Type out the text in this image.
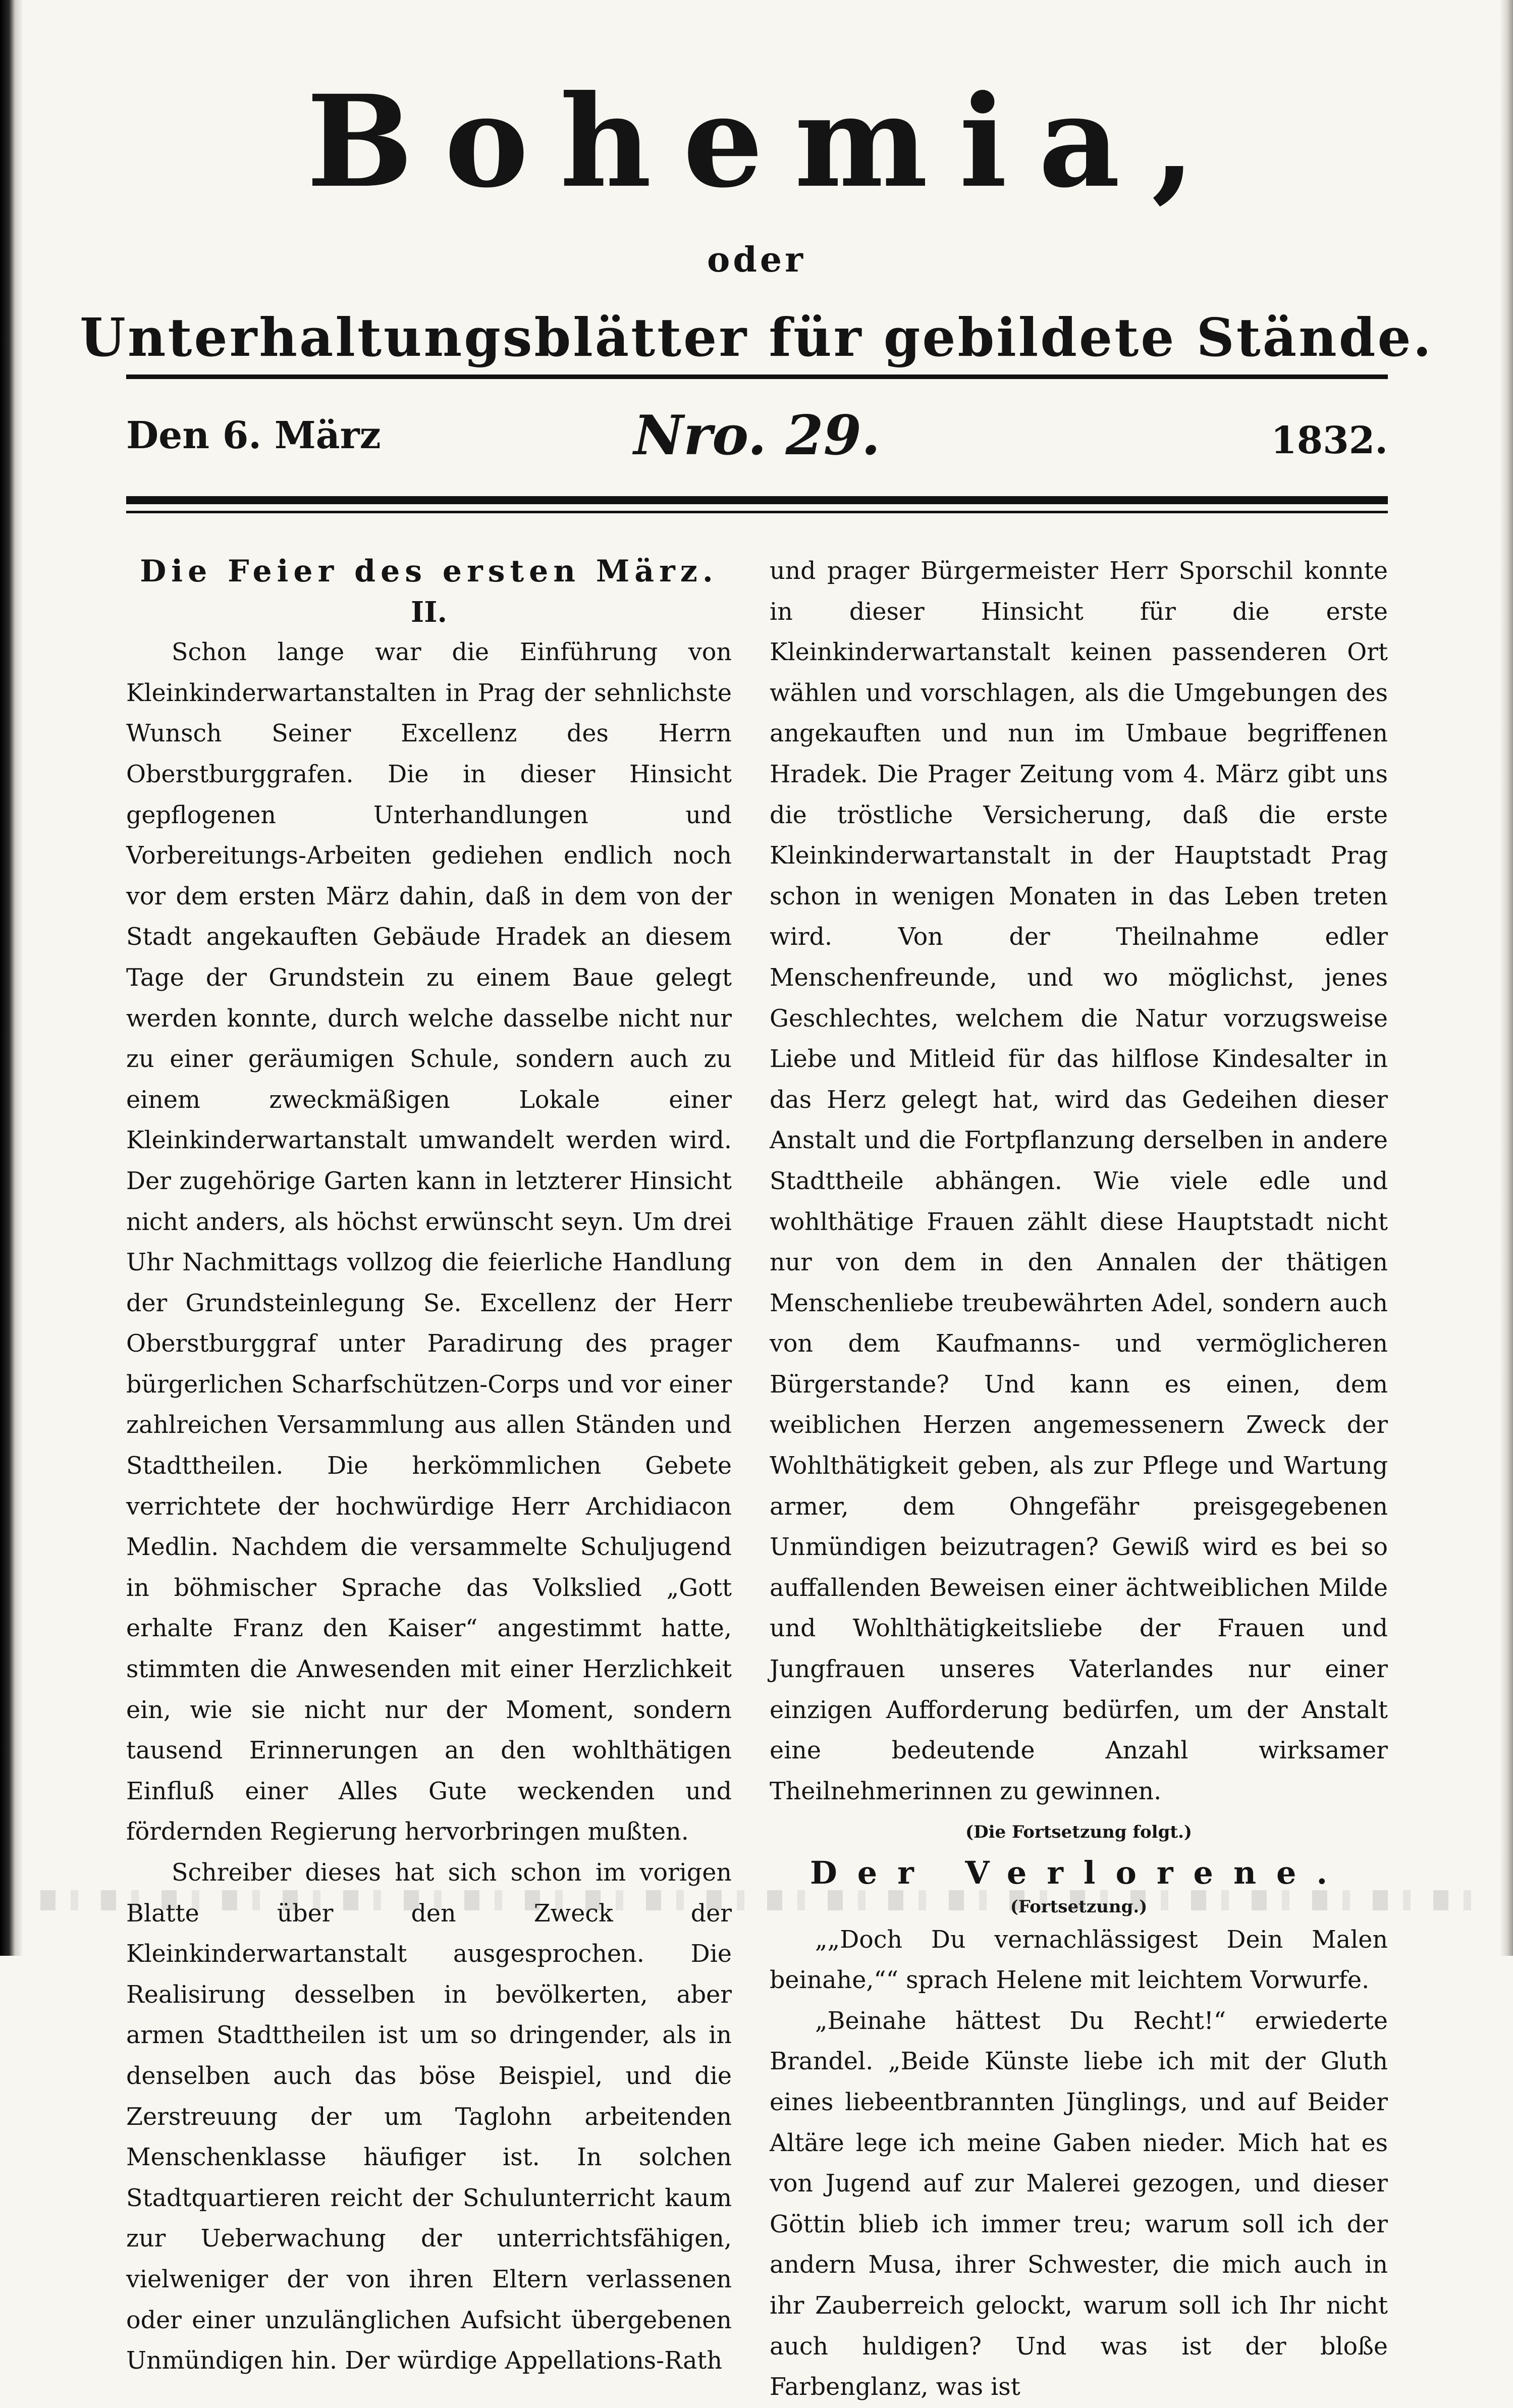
Bohemia,
oder
Unterhaltungsblätter für gebildete Stände.
Den 6. März	Nro. 29.	1832.
Die Feier des ersten März.
II.

Schon lange war die Einführung von Kleinkinderwartanstalten in Prag der sehnlichste Wunsch Seiner Excellenz des Herrn Oberstburggrafen. Die in dieser Hinsicht gepflogenen Unterhandlungen und Vorbereitungs-Arbeiten gediehen endlich noch vor dem ersten März dahin, daß in dem von der Stadt angekauften Gebäude Hradek an diesem Tage der Grundstein zu einem Baue gelegt werden konnte, durch welche dasselbe nicht nur zu einer geräumigen Schule, sondern auch zu einem zweckmäßigen Lokale einer Kleinkinderwartanstalt umwandelt werden wird. Der zugehörige Garten kann in letzterer Hinsicht nicht anders, als höchst erwünscht seyn. Um drei Uhr Nachmittags vollzog die feierliche Handlung der Grundsteinlegung Se. Excellenz der Herr Oberstburggraf unter Paradirung des prager bürgerlichen Scharfschützen-Corps und vor einer zahlreichen Versammlung aus allen Ständen und Stadttheilen. Die herkömmlichen Gebete verrichtete der hochwürdige Herr Archidiacon Medlin. Nachdem die versammelte Schuljugend in böhmischer Sprache das Volkslied „Gott erhalte Franz den Kaiser“ angestimmt hatte, stimmten die Anwesenden mit einer Herzlichkeit ein, wie sie nicht nur der Moment, sondern tausend Erinnerungen an den wohlthätigen Einfluß einer Alles Gute weckenden und fördernden Regierung hervorbringen mußten.

Schreiber dieses hat sich schon im vorigen Blatte über den Zweck der Kleinkinderwartanstalt ausgesprochen. Die Realisirung desselben in bevölkerten, aber armen Stadttheilen ist um so dringender, als in denselben auch das böse Beispiel, und die Zerstreuung der um Taglohn arbeitenden Menschenklasse häufiger ist. In solchen Stadtquartieren reicht der Schulunterricht kaum zur Ueberwachung der unterrichtsfähigen, vielweniger der von ihren Eltern verlassenen oder einer unzulänglichen Aufsicht übergebenen Unmündigen hin. Der würdige Appellations-Rath

und prager Bürgermeister Herr Sporschil konnte in dieser Hinsicht für die erste Kleinkinderwartanstalt keinen passenderen Ort wählen und vorschlagen, als die Umgebungen des angekauften und nun im Umbaue begriffenen Hradek. Die Prager Zeitung vom 4. März gibt uns die tröstliche Versicherung, daß die erste Kleinkinderwartanstalt in der Hauptstadt Prag schon in wenigen Monaten in das Leben treten wird. Von der Theilnahme edler Menschenfreunde, und wo möglichst, jenes Geschlechtes, welchem die Natur vorzugsweise Liebe und Mitleid für das hilflose Kindesalter in das Herz gelegt hat, wird das Gedeihen dieser Anstalt und die Fortpflanzung derselben in andere Stadttheile abhängen. Wie viele edle und wohlthätige Frauen zählt diese Hauptstadt nicht nur von dem in den Annalen der thätigen Menschenliebe treubewährten Adel, sondern auch von dem Kaufmanns- und vermöglicheren Bürgerstande? Und kann es einen, dem weiblichen Herzen angemessenern Zweck der Wohlthätigkeit geben, als zur Pflege und Wartung armer, dem Ohngefähr preisgegebenen Unmündigen beizutragen? Gewiß wird es bei so auffallenden Beweisen einer ächtweiblichen Milde und Wohlthätigkeitsliebe der Frauen und Jungfrauen unseres Vaterlandes nur einer einzigen Aufforderung bedürfen, um der Anstalt eine bedeutende Anzahl wirksamer Theilnehmerinnen zu gewinnen.

(Die Fortsetzung folgt.)
Der Verlorene.
(Fortsetzung.)

„„Doch Du vernachlässigest Dein Malen beinahe,““ sprach Helene mit leichtem Vorwurfe.

„Beinahe hättest Du Recht!“ erwiederte Brandel. „Beide Künste liebe ich mit der Gluth eines liebeentbrannten Jünglings, und auf Beider Altäre lege ich meine Gaben nieder. Mich hat es von Jugend auf zur Malerei gezogen, und dieser Göttin blieb ich immer treu; warum soll ich der andern Musa, ihrer Schwester, die mich auch in ihr Zauberreich gelockt, warum soll ich Ihr nicht auch huldigen? Und was ist der bloße Farbenglanz, was ist
